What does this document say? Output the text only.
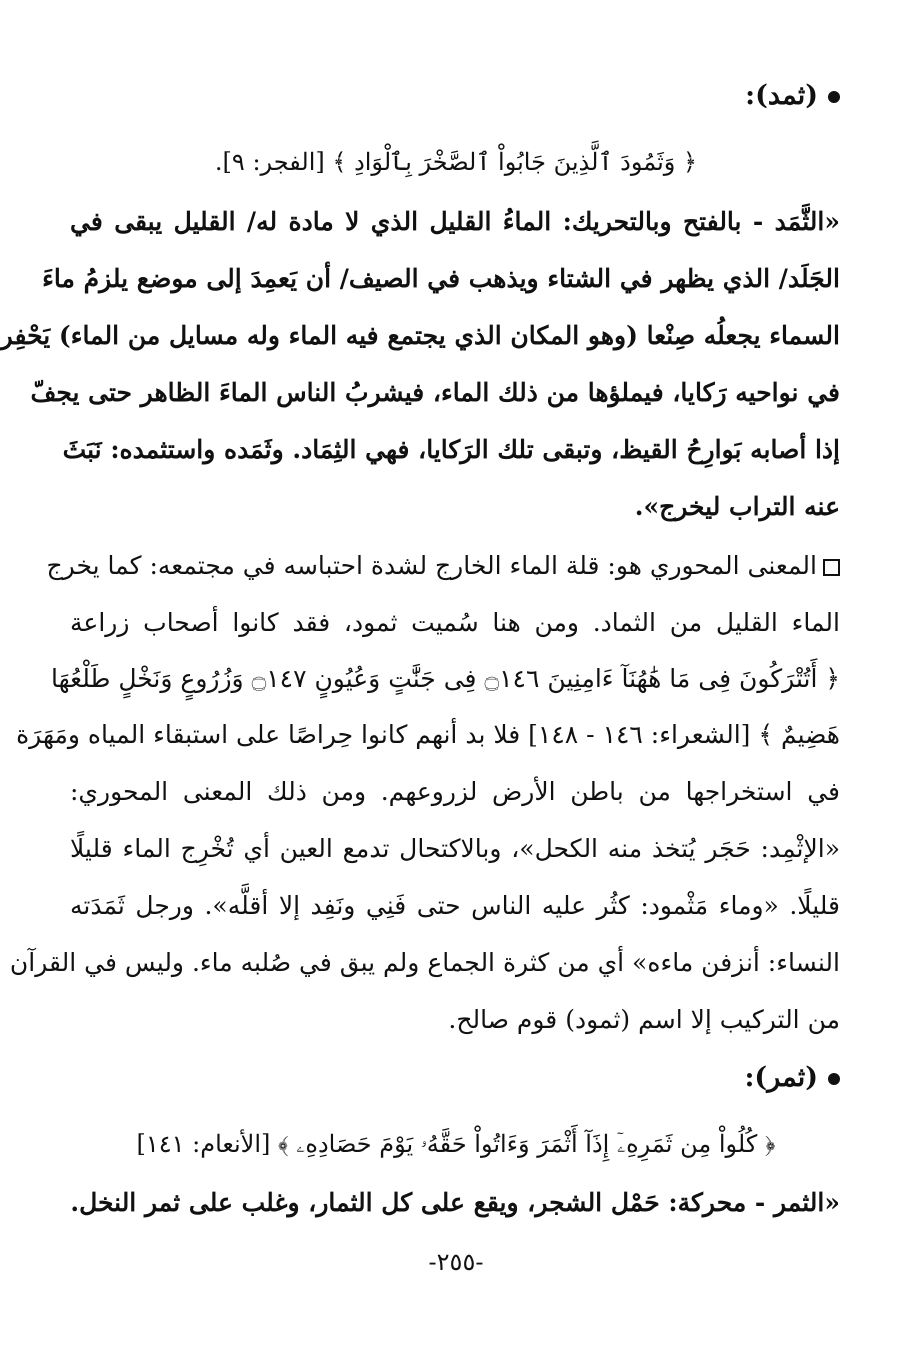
(ثمد):
﴿ وَثَمُودَ ٱلَّذِينَ جَابُواْ ٱلصَّخْرَ بِٱلْوَادِ ﴾ [الفجر: ٩].
«الثَّمَد - بالفتح وبالتحريك: الماءُ القليل الذي لا مادة له/ القليل يبقى في
الجَلَد/ الذي يظهر في الشتاء ويذهب في الصيف/ أن يَعمِدَ إلى موضع يلزمُ ماءَ
السماء يجعلُه صِنْعا (وهو المكان الذي يجتمع فيه الماء وله مسايل من الماء) يَحْفِر
في نواحيه رَكايا، فيملؤها من ذلك الماء، فيشربُ الناس الماءَ الظاهر حتى يجفّ
إذا أصابه بَوارِحُ القيظ، وتبقى تلك الرَكايا، فهي الثِمَاد. وثَمَده واستثمده: نَبَثَ
عنه التراب ليخرج».
المعنى المحوري هو: قلة الماء الخارج لشدة احتباسه في مجتمعه: كما يخرج
الماء القليل من الثماد. ومن هنا سُميت ثمود، فقد كانوا أصحاب زراعة
﴿ أَتُتْرَكُونَ فِى مَا هَٰهُنَآ ءَامِنِينَ ۝١٤٦ فِى جَنَّٰتٍ وَعُيُونٍ ۝١٤٧ وَزُرُوعٍ وَنَخْلٍ طَلْعُهَا
هَضِيمٌ ﴾ [الشعراء: ١٤٦ - ١٤٨] فلا بد أنهم كانوا حِراصًا على استبقاء المياه ومَهَرَة
في استخراجها من باطن الأرض لزروعهم. ومن ذلك المعنى المحوري:
«الإثْمِد: حَجَر يُتخذ منه الكحل»، وبالاكتحال تدمع العين أي تُخْرِج الماء قليلًا
قليلًا. «وماء مَثْمود: كثُر عليه الناس حتى فَنِي ونَفِد إلا أقلَّه». ورجل ثَمَدَته
النساء: أنزفن ماءه» أي من كثرة الجماع ولم يبق في صُلبه ماء. وليس في القرآن
من التركيب إلا اسم (ثمود) قوم صالح.
(ثمر):
﴿ كُلُواْ مِن ثَمَرِهِۦٓ إِذَآ أَثْمَرَ وَءَاتُواْ حَقَّهُۥ يَوْمَ حَصَادِهِۦ ﴾ [الأنعام: ١٤١]
«الثمر - محركة: حَمْل الشجر، ويقع على كل الثمار، وغلب على ثمر النخل.
-٢٥٥-
